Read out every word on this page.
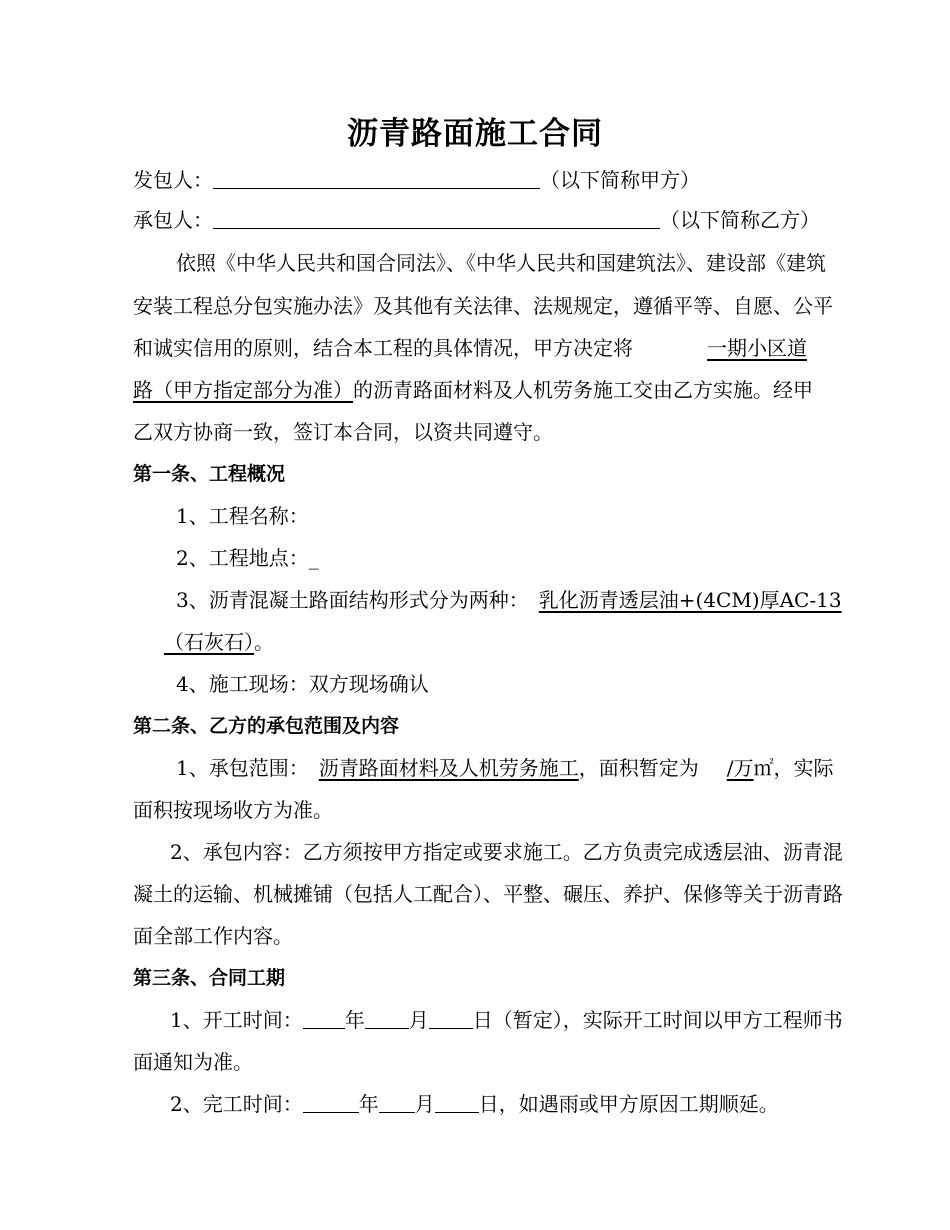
沥青路面施工合同
发包人：	（以下简称甲方）
承包人：	（以下简称乙方）
依照《中华人民共和国合同法》、《中华人民共和国建筑法》、建设部《建筑
安装工程总分包实施办法》及其他有关法律、法规规定，遵循平等、自愿、公平
和诚实信用的原则，结合本工程的具体情况，甲方决定将	一期小区道
路（甲方指定部分为准）的沥青路面材料及人机劳务施工交由乙方实施。经甲
乙双方协商一致，签订本合同，以资共同遵守。
第一条、工程概况
1、工程名称：
2、工程地点：_
3、沥青混凝土路面结构形式分为两种： 乳化沥青透层油+(4CM)厚AC-13
（石灰石）。
4、施工现场：双方现场确认
第二条、乙方的承包范围及内容
1、承包范围： 沥青路面材料及人机劳务施工，面积暂定为 /万㎡，实际
面积按现场收方为准。
2、承包内容：乙方须按甲方指定或要求施工。乙方负责完成透层油、沥青混
凝土的运输、机械摊铺（包括人工配合）、平整、碾压、养护、保修等关于沥青路
面全部工作内容。
第三条、合同工期
1、开工时间： 年 月 日（暂定），实际开工时间以甲方工程师书
面通知为准。
2、完工时间：	年 月 日，如遇雨或甲方原因工期顺延。
